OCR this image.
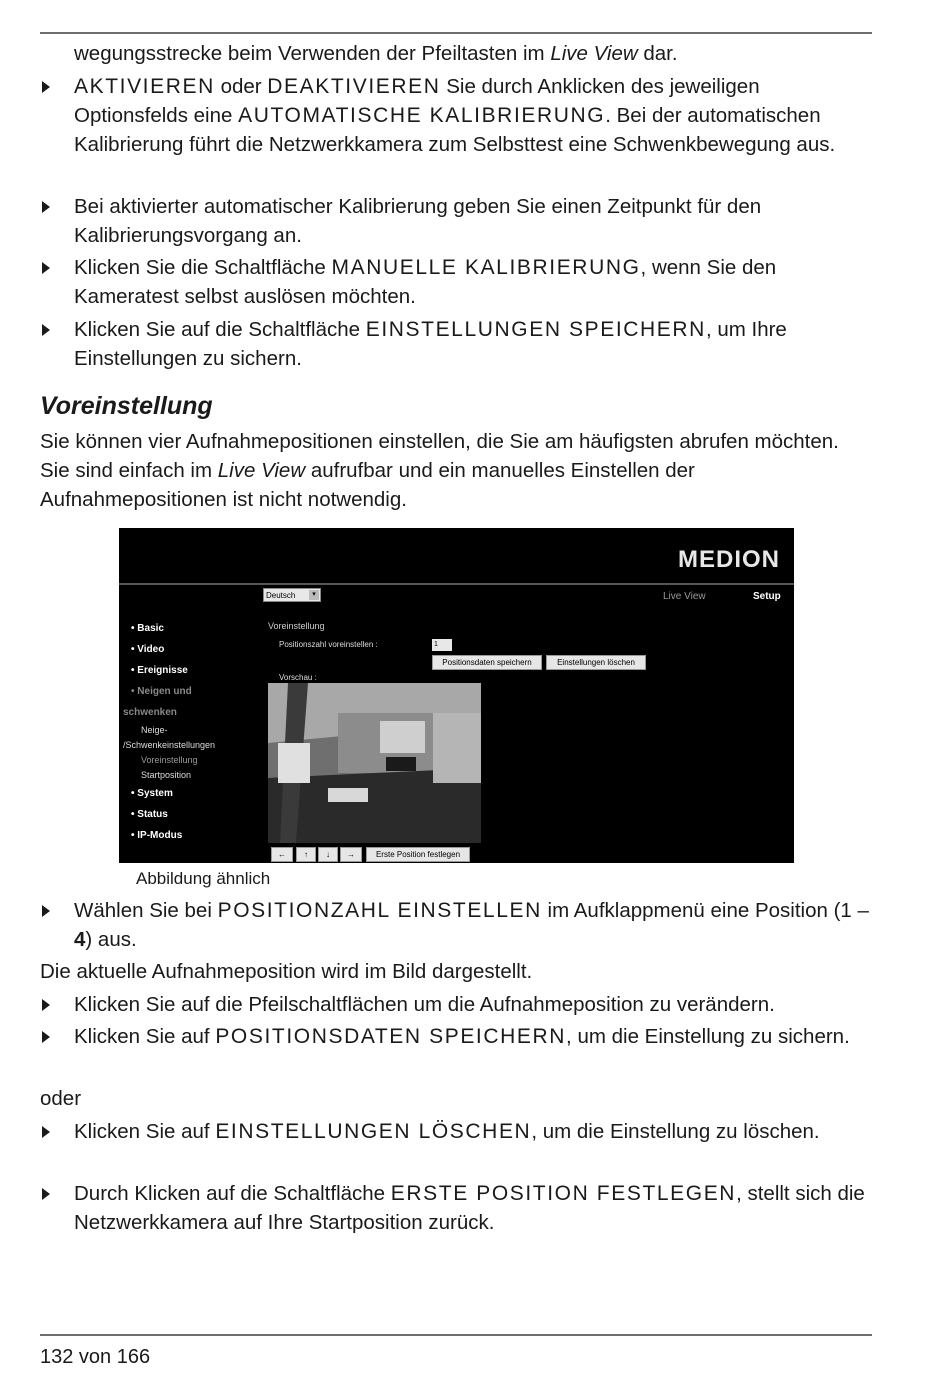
wegungsstrecke beim Verwenden der Pfeiltasten im Live View dar.

AKTIVIEREN oder DEAKTIVIEREN Sie durch Anklicken des jeweiligen Optionsfelds eine AUTOMATISCHE KALIBRIERUNG. Bei der automatischen Kalibrierung führt die Netzwerkkamera zum Selbsttest eine Schwenkbewegung aus.

Bei aktivierter automatischer Kalibrierung geben Sie einen Zeitpunkt für den Kalibrierungsvorgang an.

Klicken Sie die Schaltfläche MANUELLE KALIBRIERUNG, wenn Sie den Kameratest selbst auslösen möchten.

Klicken Sie auf die Schaltfläche EINSTELLUNGEN SPEICHERN, um Ihre Einstellungen zu sichern.

Voreinstellung

Sie können vier Aufnahmepositionen einstellen, die Sie am häufigsten abrufen möchten. Sie sind einfach im Live View aufrufbar und ein manuelles Einstellen der Aufnahmepositionen ist nicht notwendig.

MEDION
Deutsch	▾	Live View	Setup
• Basic
• Video
• Ereignisse
• Neigen und
schwenken
Neige-
/Schwenkeinstellungen
Voreinstellung
Startposition
• System
• Status
• IP-Modus
Voreinstellung
Positionszahl voreinstellen :	1
Positionsdaten speichern	Einstellungen löschen
Vorschau :
←	↑	↓	→	Erste Position festlegen
Abbildung ähnlich

Wählen Sie bei POSITIONZAHL EINSTELLEN im Aufklappmenü eine Position (1 –4) aus.

Die aktuelle Aufnahmeposition wird im Bild dargestellt.

Klicken Sie auf die Pfeilschaltflächen um die Aufnahmeposition zu verändern.

Klicken Sie auf POSITIONSDATEN SPEICHERN, um die Einstellung zu sichern.

oder

Klicken Sie auf EINSTELLUNGEN LÖSCHEN, um die Einstellung zu löschen.

Durch Klicken auf die Schaltfläche ERSTE POSITION FESTLEGEN, stellt sich die Netzwerkkamera auf Ihre Startposition zurück.

132 von 166
